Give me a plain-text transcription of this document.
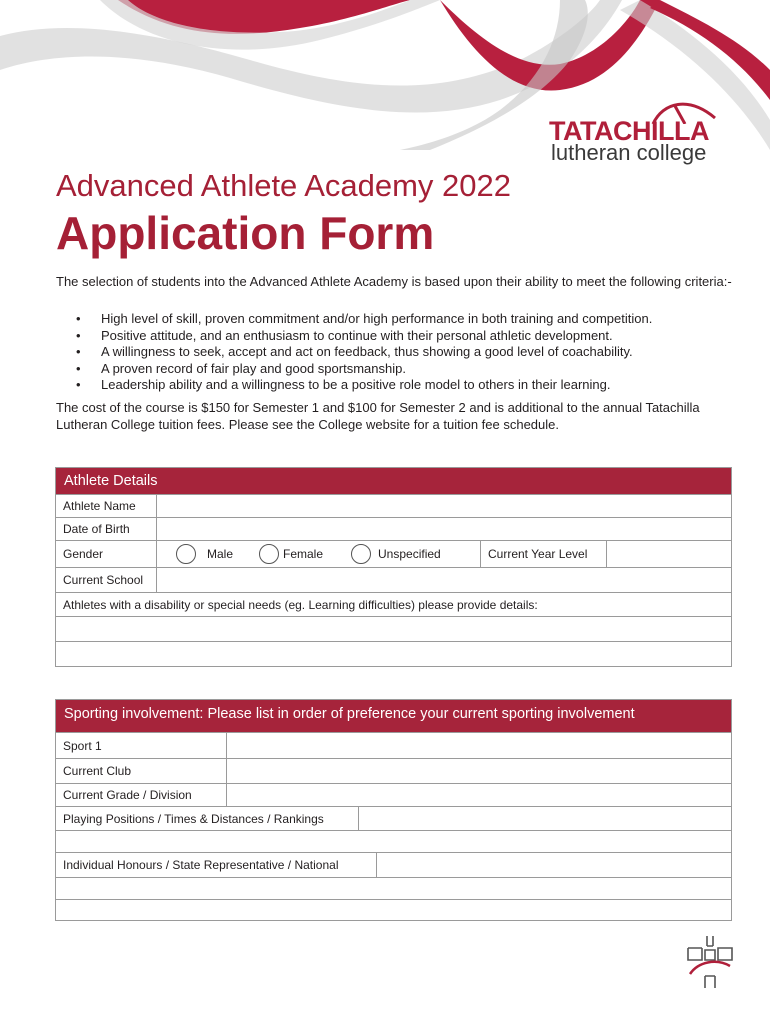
TATACHILLA
lutheran college
Advanced Athlete Academy 2022
Application Form

The selection of students into the Advanced Athlete Academy is based upon their ability to meet the following criteria:-

• High level of skill, proven commitment and/or high performance in both training and competition.
• Positive attitude, and an enthusiasm to continue with their personal athletic development.
• A willingness to seek, accept and act on feedback, thus showing a good level of coachability.
• A proven record of fair play and good sportsmanship.
• Leadership ability and a willingness to be a positive role model to others in their learning.

The cost of the course is $150 for Semester 1 and $100 for Semester 2 and is additional to the annual Tatachilla Lutheran College tuition fees. Please see the College website for a tuition fee schedule.

Athlete Details
Athlete Name
Date of Birth
Gender	Male	Female	Unspecified	Current Year Level
Current School
Athletes with a disability or special needs (eg. Learning difficulties) please provide details:
Sporting involvement: Please list in order of preference your current sporting involvement
Sport 1
Current Club
Current Grade / Division
Playing Positions / Times & Distances / Rankings
Individual Honours / State Representative / National
